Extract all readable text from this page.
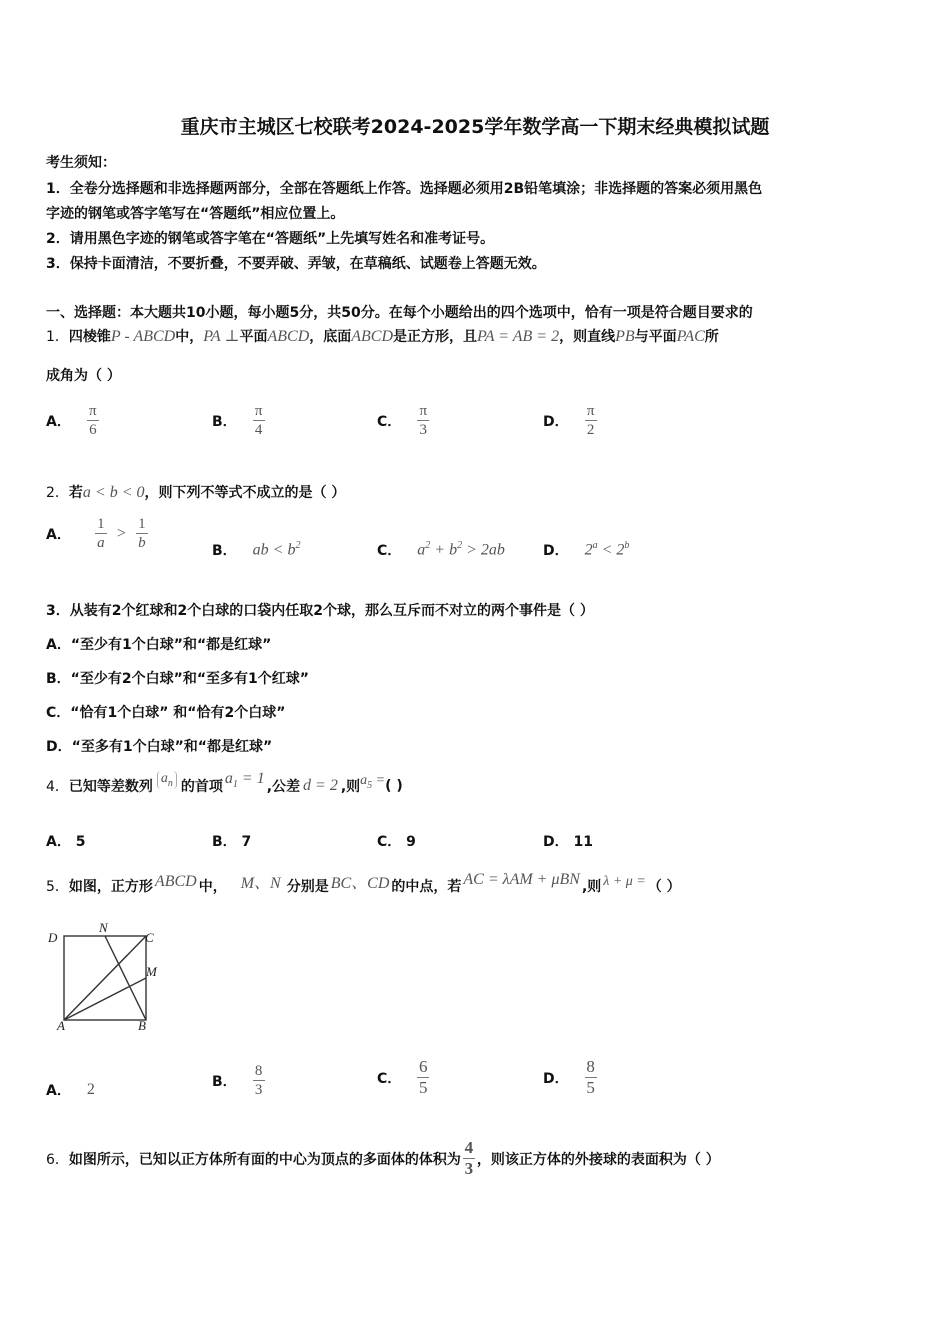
重庆市主城区七校联考2024-2025学年数学高一下期末经典模拟试题
考生须知：
1．全卷分选择题和非选择题两部分，全部在答题纸上作答。选择题必须用2B铅笔填涂；非选择题的答案必须用黑色
字迹的钢笔或答字笔写在“答题纸”相应位置上。
2．请用黑色字迹的钢笔或答字笔在“答题纸”上先填写姓名和准考证号。
3．保持卡面清洁，不要折叠，不要弄破、弄皱，在草稿纸、试题卷上答题无效。
一、选择题：本大题共10小题，每小题5分，共50分。在每个小题给出的四个选项中，恰有一项是符合题目要求的
1．四棱锥P - ABCD中，PA ⊥平面ABCD，底面ABCD是正方形，且PA = AB = 2，则直线PB与平面PAC所
成角为（ ）
A． $\frac{\pi}{6}$	B． $\frac{\pi}{4}$	C． $\frac{\pi}{3}$	D． $\frac{\pi}{2}$
2．若a < b < 0，则下列不等式不成立的是（ ）
A． $\frac{1}{a} > \frac{1}{b}$	B． ab < $b^2$	C． $a^2 + b^2 > 2ab$	D． $2^a < 2^b$
3．从装有2个红球和2个白球的口袋内任取2个球，那么互斥而不对立的两个事件是（ ）
A．“至少有1个白球”和“都是红球”
B．“至少有2个白球”和“至多有1个红球”
C．“恰有1个白球” 和“恰有2个白球”
D．“至多有1个白球”和“都是红球”
4． 已知等差数列
$a_n$ 的首项
$a_1 = 1$
,公差 d = 2 ,则 $a_5$ = ( )
A． 5	B． 7	C． 9	D． 11
5． 如图，正方形 ABCD 中， M、N 分别是 BC、CD 的中点，若 AC = λAM + μBN ,则 λ + μ = （ ）
D
N
C
M
A	B
A． 2	B． $\frac{8}{3}$	C． $\frac{6}{5}$	D． $\frac{8}{5}$
6． 如图所示，已知以正方体所有面的中心为顶点的多面体的体积为 $\frac{4}{3}$ ，则该正方体的外接球的表面积为（ ）
